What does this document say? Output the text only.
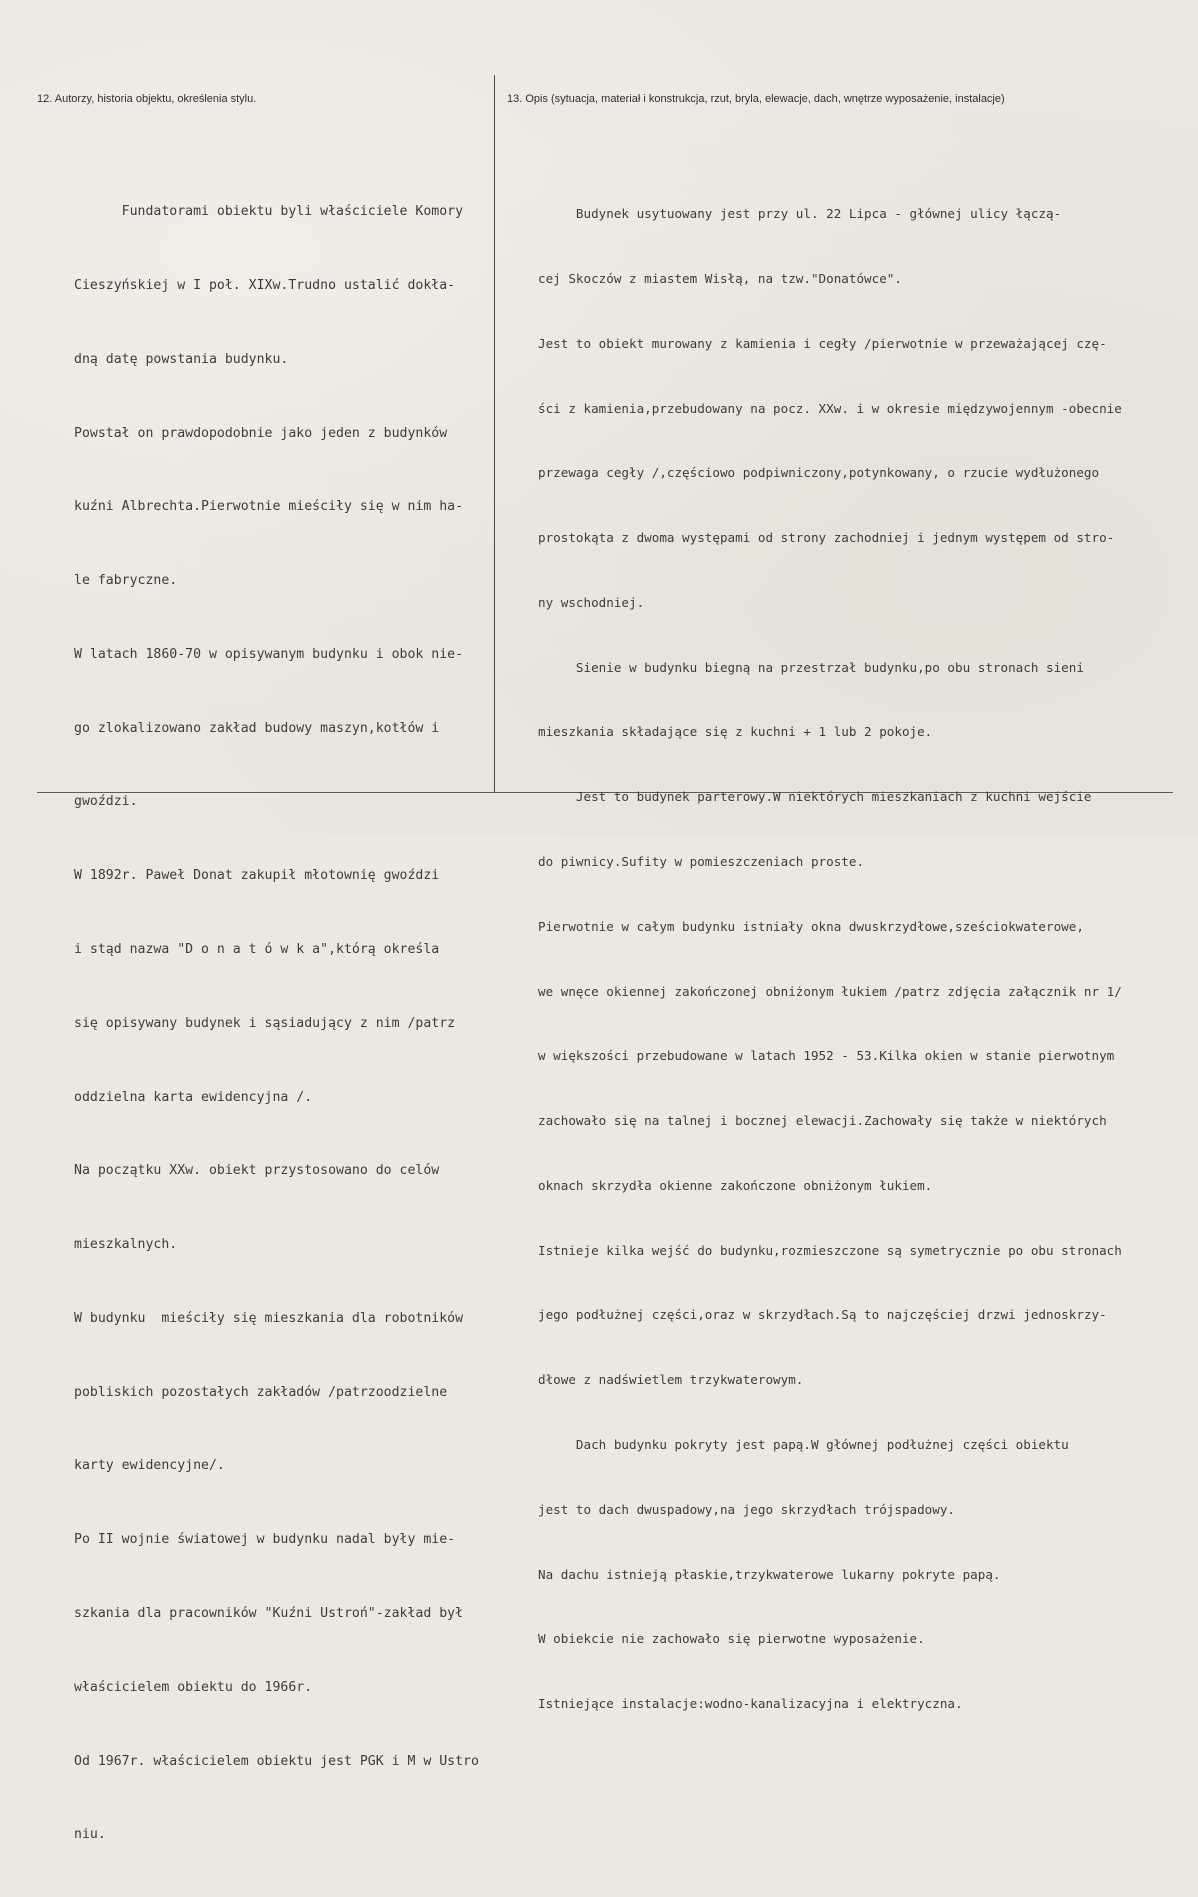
12. Autorzy, historia objektu, określenia stylu.	13. Opis (sytuacja, materiał i konstrukcja, rzut, bryla, elewacje, dach, wnętrze wyposażenie, instalacje)

Fundatorami obiektu byli właściciele Komory

Cieszyńskiej w I poł. XIXw.Trudno ustalić dokła-

dną datę powstania budynku.

Powstał on prawdopodobnie jako jeden z budynków

kuźni Albrechta.Pierwotnie mieściły się w nim ha-

le fabryczne.

W latach 1860-70 w opisywanym budynku i obok nie-

go zlokalizowano zakład budowy maszyn,kotłów i

gwoździ.

W 1892r. Paweł Donat zakupił młotownię gwoździ

i stąd nazwa "D o n a t ó w k a",którą określa

się opisywany budynek i sąsiadujący z nim /patrz

oddzielna karta ewidencyjna /.

Na początku XXw. obiekt przystosowano do celów

mieszkalnych.

W budynku  mieściły się mieszkania dla robotników

pobliskich pozostałych zakładów /patrzoodzielne

karty ewidencyjne/.

Po II wojnie światowej w budynku nadal były mie-

szkania dla pracowników "Kuźni Ustroń"-zakład był

właścicielem obiektu do 1966r.

Od 1967r. właścicielem obiektu jest PGK i M w Ustro

niu.

Budynek usytuowany jest przy ul. 22 Lipca - głównej ulicy łączą-

cej Skoczów z miastem Wisłą, na tzw."Donatówce".

Jest to obiekt murowany z kamienia i cegły /pierwotnie w przeważającej czę-

ści z kamienia,przebudowany na pocz. XXw. i w okresie międzywojennym -obecnie

przewaga cegły /,częściowo podpiwniczony,potynkowany, o rzucie wydłużonego

prostokąta z dwoma występami od strony zachodniej i jednym występem od stro-

ny wschodniej.

Sienie w budynku biegną na przestrzał budynku,po obu stronach sieni

mieszkania składające się z kuchni + 1 lub 2 pokoje.

Jest to budynek parterowy.W niektórych mieszkaniach z kuchni wejście

do piwnicy.Sufity w pomieszczeniach proste.

Pierwotnie w całym budynku istniały okna dwuskrzydłowe,sześciokwaterowe,

we wnęce okiennej zakończonej obniżonym łukiem /patrz zdjęcia załącznik nr 1/

w większości przebudowane w latach 1952 - 53.Kilka okien w stanie pierwotnym

zachowało się na talnej i bocznej elewacji.Zachowały się także w niektórych

oknach skrzydła okienne zakończone obniżonym łukiem.

Istnieje kilka wejść do budynku,rozmieszczone są symetrycznie po obu stronach

jego podłużnej części,oraz w skrzydłach.Są to najczęściej drzwi jednoskrzy-

dłowe z nadświetlem trzykwaterowym.

Dach budynku pokryty jest papą.W głównej podłużnej części obiektu

jest to dach dwuspadowy,na jego skrzydłach trójspadowy.

Na dachu istnieją płaskie,trzykwaterowe lukarny pokryte papą.

W obiekcie nie zachowało się pierwotne wyposażenie.

Istniejące instalacje:wodno-kanalizacyjna i elektryczna.
